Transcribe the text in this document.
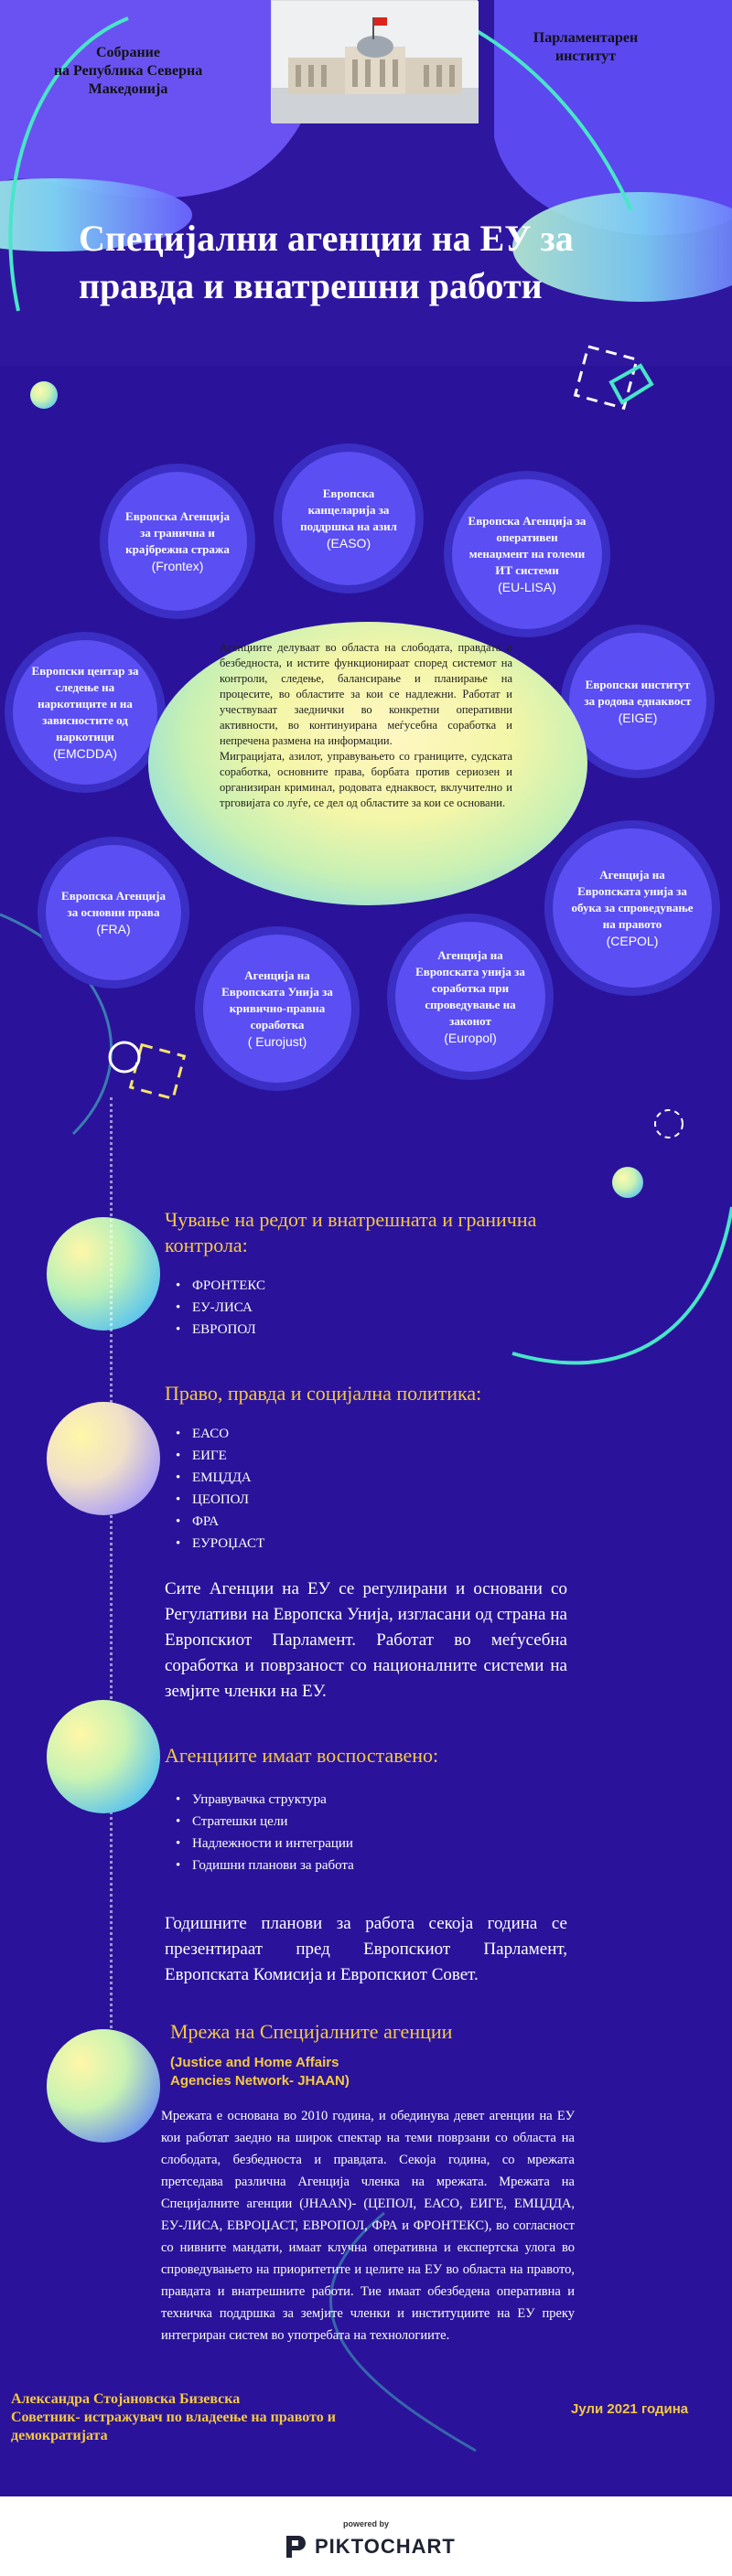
Собрание
на Република Северна Македонија
Парламентарен институт
Специјални агенции на ЕУ за правда и внатрешни работи
Европска Агенција за гранична и крајбрежна стража
(Frontex)
Европска канцеларија за поддршка на азил
(EASO)
Европска Агенција за оперативен менаџмент на големи ИТ системи
(EU-LISA)
Европски центар за следење на наркотиците и на зависностите од наркотици
(EMCDDA)
Европски институт за родова еднаквост
(EIGE)
Европска Агенција за основни права
(FRA)
Агенција на Европската унија за обука за спроведување на правото
(CEPOL)
Агенција на Европската Унија за кривично-правна соработка
( Eurojust)
Агенција на Европската унија за соработка при спроведување на законот
(Europol)

Агенциите делуваат во областа на слободата, правдата и безбедноста, и истите функционираат според системот на контроли, следење, балансирање и планирање на процесите, во областите за кои се надлежни. Работат и учествуваат заеднички во конкретни оперативни активности, во континуирана меѓусебна соработка и непречена размена на информации.

Миграцијата, азилот, управувањето со границите, судската соработка, основните права, борбата против сериозен и организиран криминал, родовата еднаквост, вклучително и трговијата со луѓе, се дел од областите за кои се основани.

Чување на редот и внатрешната и гранична контрола:
• ФРОНТЕКС
• ЕУ-ЛИСА
• ЕВРОПОЛ
Право, правда и социјална политика:
• ЕАСО
• ЕИГЕ
• ЕМЦДДА
• ЦЕОПОЛ
• ФРА
• ЕУРОЏАСТ

Сите Агенции на ЕУ се регулирани и основани со Регулативи на Европска Унија, изгласани од страна на Европскиот Парламент. Работат во меѓусебна соработка и поврзаност со националните системи на земјите членки на ЕУ.

Агенциите имаат воспоставено:
• Управувачка структура
• Стратешки цели
• Надлежности и интеграции
• Годишни планови за работа

Годишните планови за работа секоја година се презентираат пред Европскиот Парламент, Европската Комисија и Европскиот Совет.

Мрежа на Специјалните агенции
(Justice and Home Affairs Agencies Network- JHAAN)

Мрежата е основана во 2010 година, и обединува девет агенции на ЕУ кои работат заедно на широк спектар на теми поврзани со областа на слободата, безбедноста и правдата. Секоја година, со мрежата претседава различна Агенција членка на мрежата. Мрежата на Специјалните агенции (JHAAN)- (ЦЕПОЛ, ЕАСО, ЕИГЕ, ЕМЦДДА, ЕУ-ЛИСА, ЕВРОЏАСТ, ЕВРОПОЛ, ФРА и ФРОНТЕКС), во согласност со нивните мандати, имаат клучна оперативна и експертска улога во спроведувањето на приоритетите и целите на ЕУ во областа на правото, правдата и внатрешните работи. Тие имаат обезбедена оперативна и техничка поддршка за земјите членки и институциите на ЕУ преку интегриран систем во употребата на технологиите.

Александра Стојановска Бизевска
Советник- истражувач по владеење на правото и демократијата
Јули 2021 година
powered by
PIKTOCHART
